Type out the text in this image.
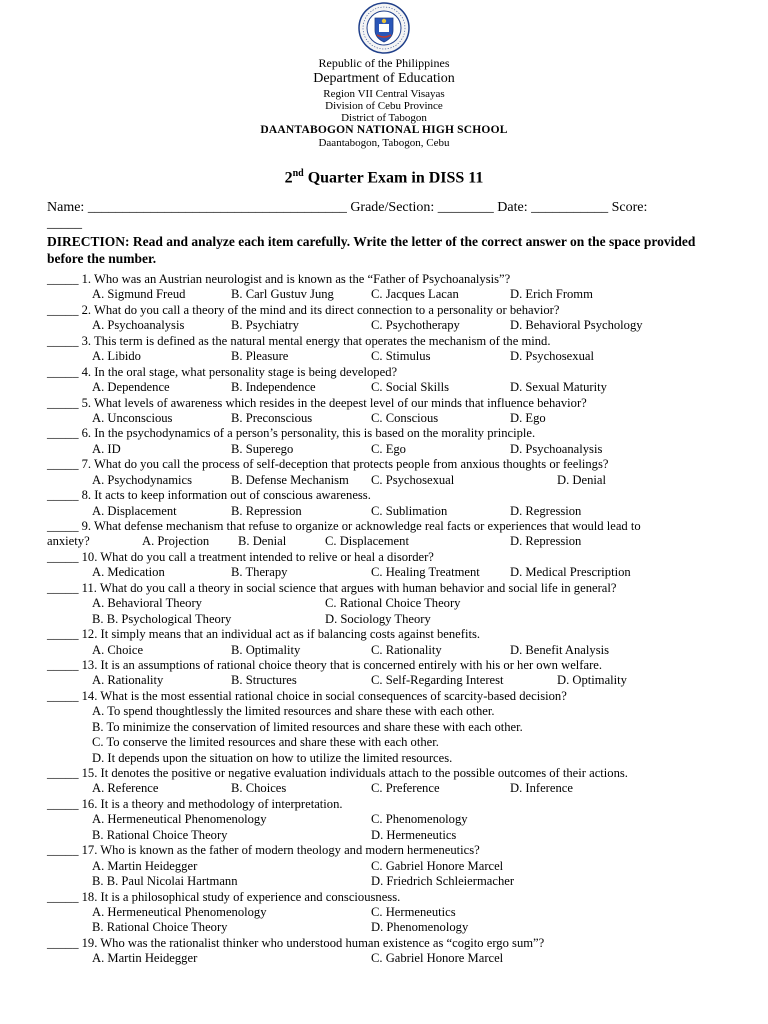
Republic of the Philippines
Department of Education
Region VII Central Visayas
Division of Cebu Province
District of Tabogon
DAANTABOGON NATIONAL HIGH SCHOOL
Daantabogon, Tabogon, Cebu
2nd Quarter Exam in DISS 11
Name: _____________________________________ Grade/Section: ________ Date: ___________ Score:
_____
DIRECTION: Read and analyze each item carefully. Write the letter of the correct answer on the space provided before the number.
_____ 1. Who was an Austrian neurologist and is known as the “Father of Psychoanalysis”?
A. Sigmund Freud	B. Carl Gustuv Jung	C. Jacques Lacan	D. Erich Fromm
_____ 2. What do you call a theory of the mind and its direct connection to a personality or behavior?
A. Psychoanalysis	B. Psychiatry	C. Psychotherapy	D. Behavioral Psychology
_____ 3. This term is defined as the natural mental energy that operates the mechanism of the mind.
A. Libido	B. Pleasure	C. Stimulus	D. Psychosexual
_____ 4. In the oral stage, what personality stage is being developed?
A. Dependence	B. Independence	C. Social Skills	D. Sexual Maturity
_____ 5. What levels of awareness which resides in the deepest level of our minds that influence behavior?
A. Unconscious	B. Preconscious	C. Conscious	D. Ego
_____ 6. In the psychodynamics of a person’s personality, this is based on the morality principle.
A. ID	B. Superego	C. Ego	D. Psychoanalysis
_____ 7. What do you call the process of self-deception that protects people from anxious thoughts or feelings?
A. Psychodynamics	B. Defense Mechanism C. Psychosexual	D. Denial
_____ 8. It acts to keep information out of conscious awareness.
A. Displacement	B. Repression	C. Sublimation	D. Regression
_____ 9. What defense mechanism that refuse to organize or acknowledge real facts or experiences that would lead to
anxiety?	A. Projection B. Denial	C. Displacement	D. Repression
_____ 10. What do you call a treatment intended to relive or heal a disorder?
A. Medication	B. Therapy	C. Healing Treatment D. Medical Prescription
_____ 11. What do you call a theory in social science that argues with human behavior and social life in general?
A. Behavioral Theory	C. Rational Choice Theory
B. B. Psychological Theory	D. Sociology Theory
_____ 12. It simply means that an individual act as if balancing costs against benefits.
A. Choice	B. Optimality	C. Rationality	D. Benefit Analysis
_____ 13. It is an assumptions of rational choice theory that is concerned entirely with his or her own welfare.
A. Rationality	B. Structures	C. Self-Regarding Interest	D. Optimality
_____ 14. What is the most essential rational choice in social consequences of scarcity-based decision?
A. To spend thoughtlessly the limited resources and share these with each other.
B. To minimize the conservation of limited resources and share these with each other.
C. To conserve the limited resources and share these with each other.
D. It depends upon the situation on how to utilize the limited resources.
_____ 15. It denotes the positive or negative evaluation individuals attach to the possible outcomes of their actions.
A. Reference	B. Choices	C. Preference	D. Inference
_____ 16. It is a theory and methodology of interpretation.
A. Hermeneutical Phenomenology	C. Phenomenology
B. Rational Choice Theory	D. Hermeneutics
_____ 17. Who is known as the father of modern theology and modern hermeneutics?
A. Martin Heidegger	C. Gabriel Honore Marcel
B. B. Paul Nicolai Hartmann	D. Friedrich Schleiermacher
_____ 18. It is a philosophical study of experience and consciousness.
A. Hermeneutical Phenomenology	C. Hermeneutics
B. Rational Choice Theory	D. Phenomenology
_____ 19. Who was the rationalist thinker who understood human existence as “cogito ergo sum”?
A. Martin Heidegger	C. Gabriel Honore Marcel
